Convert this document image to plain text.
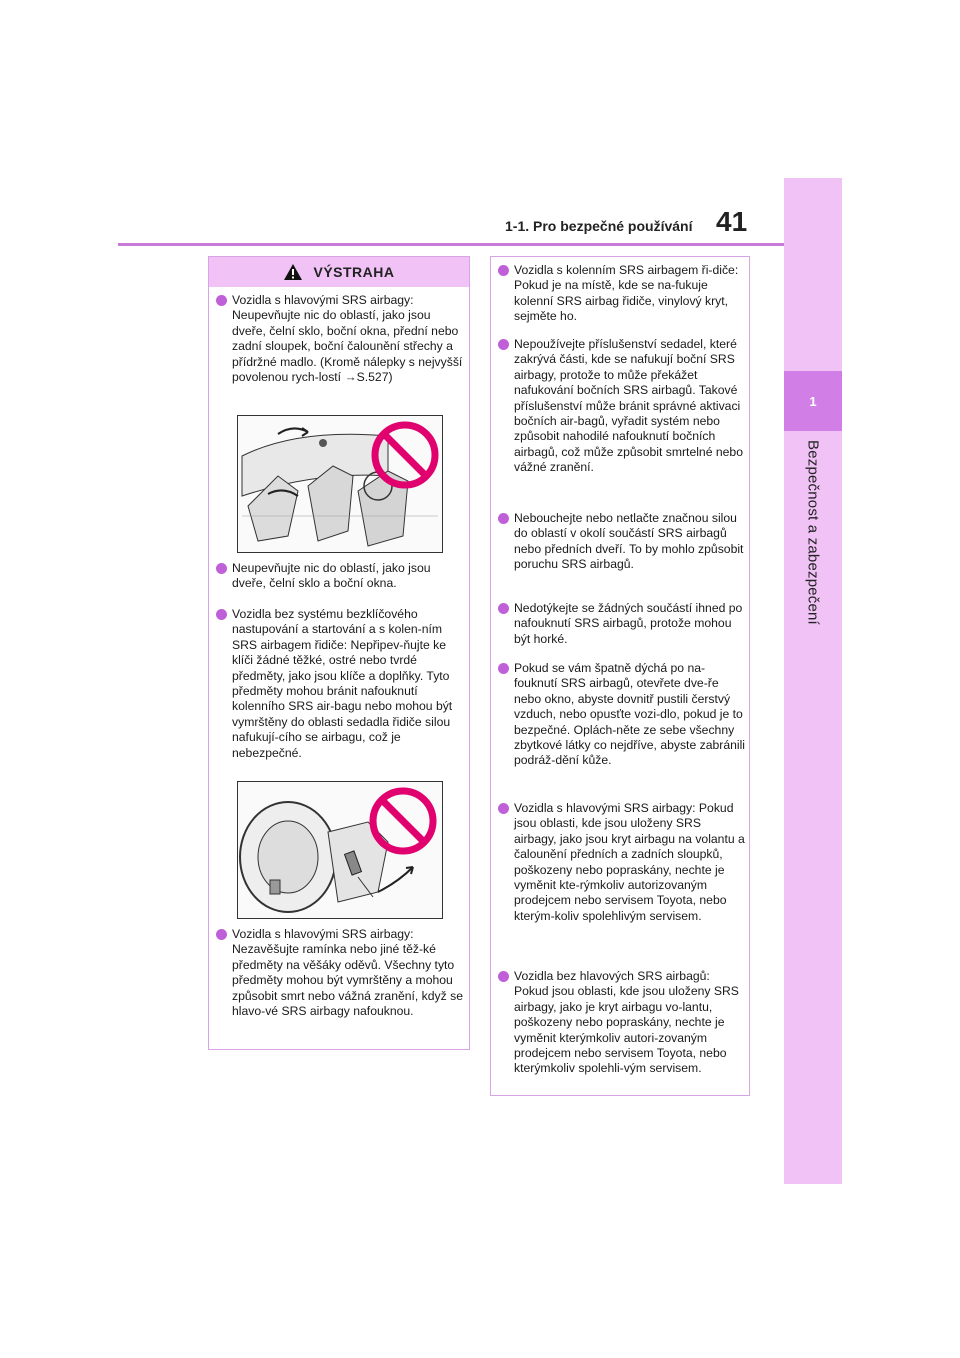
1-1. Pro bezpečné používání 41
1
Bezpečnost a zabezpečení
VÝSTRAHA

Vozidla s hlavovými SRS airbagy: Neupevňujte nic do oblastí, jako jsou dveře, čelní sklo, boční okna, přední nebo zadní sloupek, boční čalounění střechy a přídržné madlo. (Kromě nálepky s nejvyšší povolenou rych-lostí →S.527)

Neupevňujte nic do oblastí, jako jsou dveře, čelní sklo a boční okna.

Vozidla bez systému bezklíčového nastupování a startování a s kolen-ním SRS airbagem řidiče: Nepřipev-ňujte ke klíči žádné těžké, ostré nebo tvrdé předměty, jako jsou klíče a doplňky. Tyto předměty mohou bránit nafouknutí kolenního SRS air-bagu nebo mohou být vymrštěny do oblasti sedadla řidiče silou nafukují-cího se airbagu, což je nebezpečné.

Vozidla s hlavovými SRS airbagy: Nezavěšujte ramínka nebo jiné těž-ké předměty na věšáky oděvů. Všechny tyto předměty mohou být vymrštěny a mohou způsobit smrt nebo vážná zranění, když se hlavo-vé SRS airbagy nafouknou.

Vozidla s kolenním SRS airbagem ři-diče: Pokud je na místě, kde se na-fukuje kolenní SRS airbag řidiče, vinylový kryt, sejměte ho.

Nepoužívejte příslušenství sedadel, které zakrývá části, kde se nafukují boční SRS airbagy, protože to může překážet nafukování bočních SRS airbagů. Takové příslušenství může bránit správné aktivaci bočních air-bagů, vyřadit systém nebo způsobit nahodilé nafouknutí bočních airbagů, což může způsobit smrtelné nebo vážné zranění.

Nebouchejte nebo netlačte značnou silou do oblastí v okolí součástí SRS airbagů nebo předních dveří. To by mohlo způsobit poruchu SRS airbagů.

Nedotýkejte se žádných součástí ihned po nafouknutí SRS airbagů, protože mohou být horké.

Pokud se vám špatně dýchá po na-fouknutí SRS airbagů, otevřete dve-ře nebo okno, abyste dovnitř pustili čerstvý vzduch, nebo opusťte vozi-dlo, pokud je to bezpečné. Oplách-něte ze sebe všechny zbytkové látky co nejdříve, abyste zabránili podráž-dění kůže.

Vozidla s hlavovými SRS airbagy: Pokud jsou oblasti, kde jsou uloženy SRS airbagy, jako jsou kryt airbagu na volantu a čalounění předních a zadních sloupků, poškozeny nebo popraskány, nechte je vyměnit kte-rýmkoliv autorizovaným prodejcem nebo servisem Toyota, nebo kterým-koliv spolehlivým servisem.

Vozidla bez hlavových SRS airbagů: Pokud jsou oblasti, kde jsou uloženy SRS airbagy, jako je kryt airbagu vo-lantu, poškozeny nebo popraskány, nechte je vyměnit kterýmkoliv autori-zovaným prodejcem nebo servisem Toyota, nebo kterýmkoliv spolehli-vým servisem.
